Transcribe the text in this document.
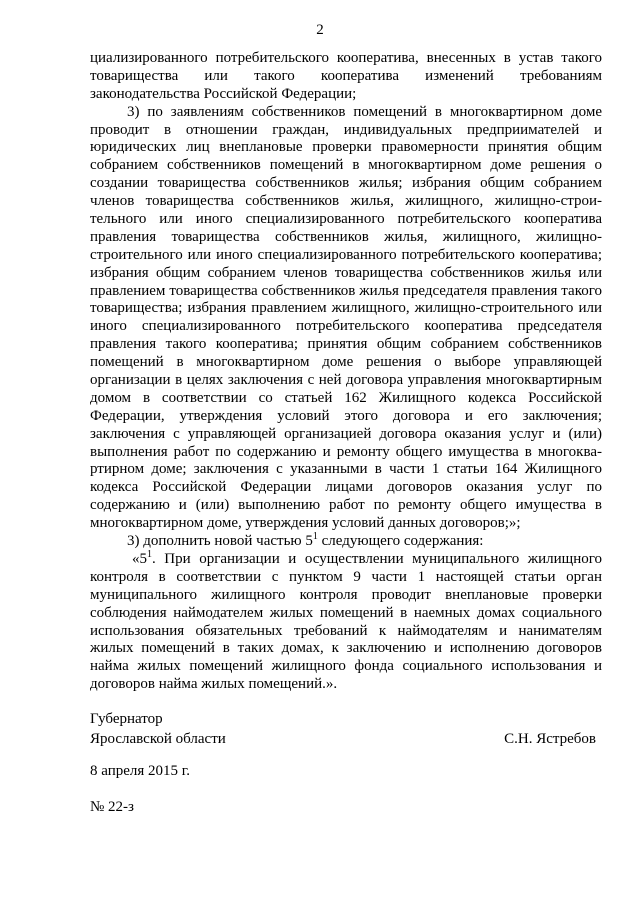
2
циализированного потребительского кооператива, внесенных в устав такого
товарищества или такого кооператива изменений требованиям
законодательства Российской Федерации;
3) по заявлениям собственников помещений в многоквартирном доме
проводит в отношении граждан, индивидуальных предприимателей и
юридических лиц внеплановые проверки правомерности принятия общим
собранием собственников помещений в многоквартирном доме решения о
создании товарищества собственников жилья; избрания общим собранием
членов товарищества собственников жилья, жилищного, жилищно-строи-
тельного или иного специализированного потребительского кооператива
правления товарищества собственников жилья, жилищного, жилищно-
строительного или иного специализированного потребительского кооператива;
избрания общим собранием членов товарищества собственников жилья или
правлением товарищества собственников жилья председателя правления такого
товарищества; избрания правлением жилищного, жилищно-строительного или
иного специализированного потребительского кооператива председателя
правления такого кооператива; принятия общим собранием собственников
помещений в многоквартирном доме решения о выборе управляющей
организации в целях заключения с ней договора управления многоквартирным
домом в соответствии со статьей 162 Жилищного кодекса Российской
Федерации, утверждения условий этого договора и его заключения;
заключения с управляющей организацией договора оказания услуг и (или)
выполнения работ по содержанию и ремонту общего имущества в многоква-
ртирном доме; заключения с указанными в части 1 статьи 164 Жилищного
кодекса Российской Федерации лицами договоров оказания услуг по
содержанию и (или) выполнению работ по ремонту общего имущества в
многоквартирном доме, утверждения условий данных договоров;»;
3) дополнить новой частью $5^1$ следующего содержания:
«$5^1$. При организации и осуществлении муниципального жилищного
контроля в соответствии с пунктом 9 части 1 настоящей статьи орган
муниципального жилищного контроля проводит внеплановые проверки
соблюдения наймодателем жилых помещений в наемных домах социального
использования обязательных требований к наймодателям и нанимателям
жилых помещений в таких домах, к заключению и исполнению договоров
найма жилых помещений жилищного фонда социального использования и
договоров найма жилых помещений.».
Губернатор
Ярославской области	С.Н. Ястребов
8 апреля 2015 г.
№ 22-з
